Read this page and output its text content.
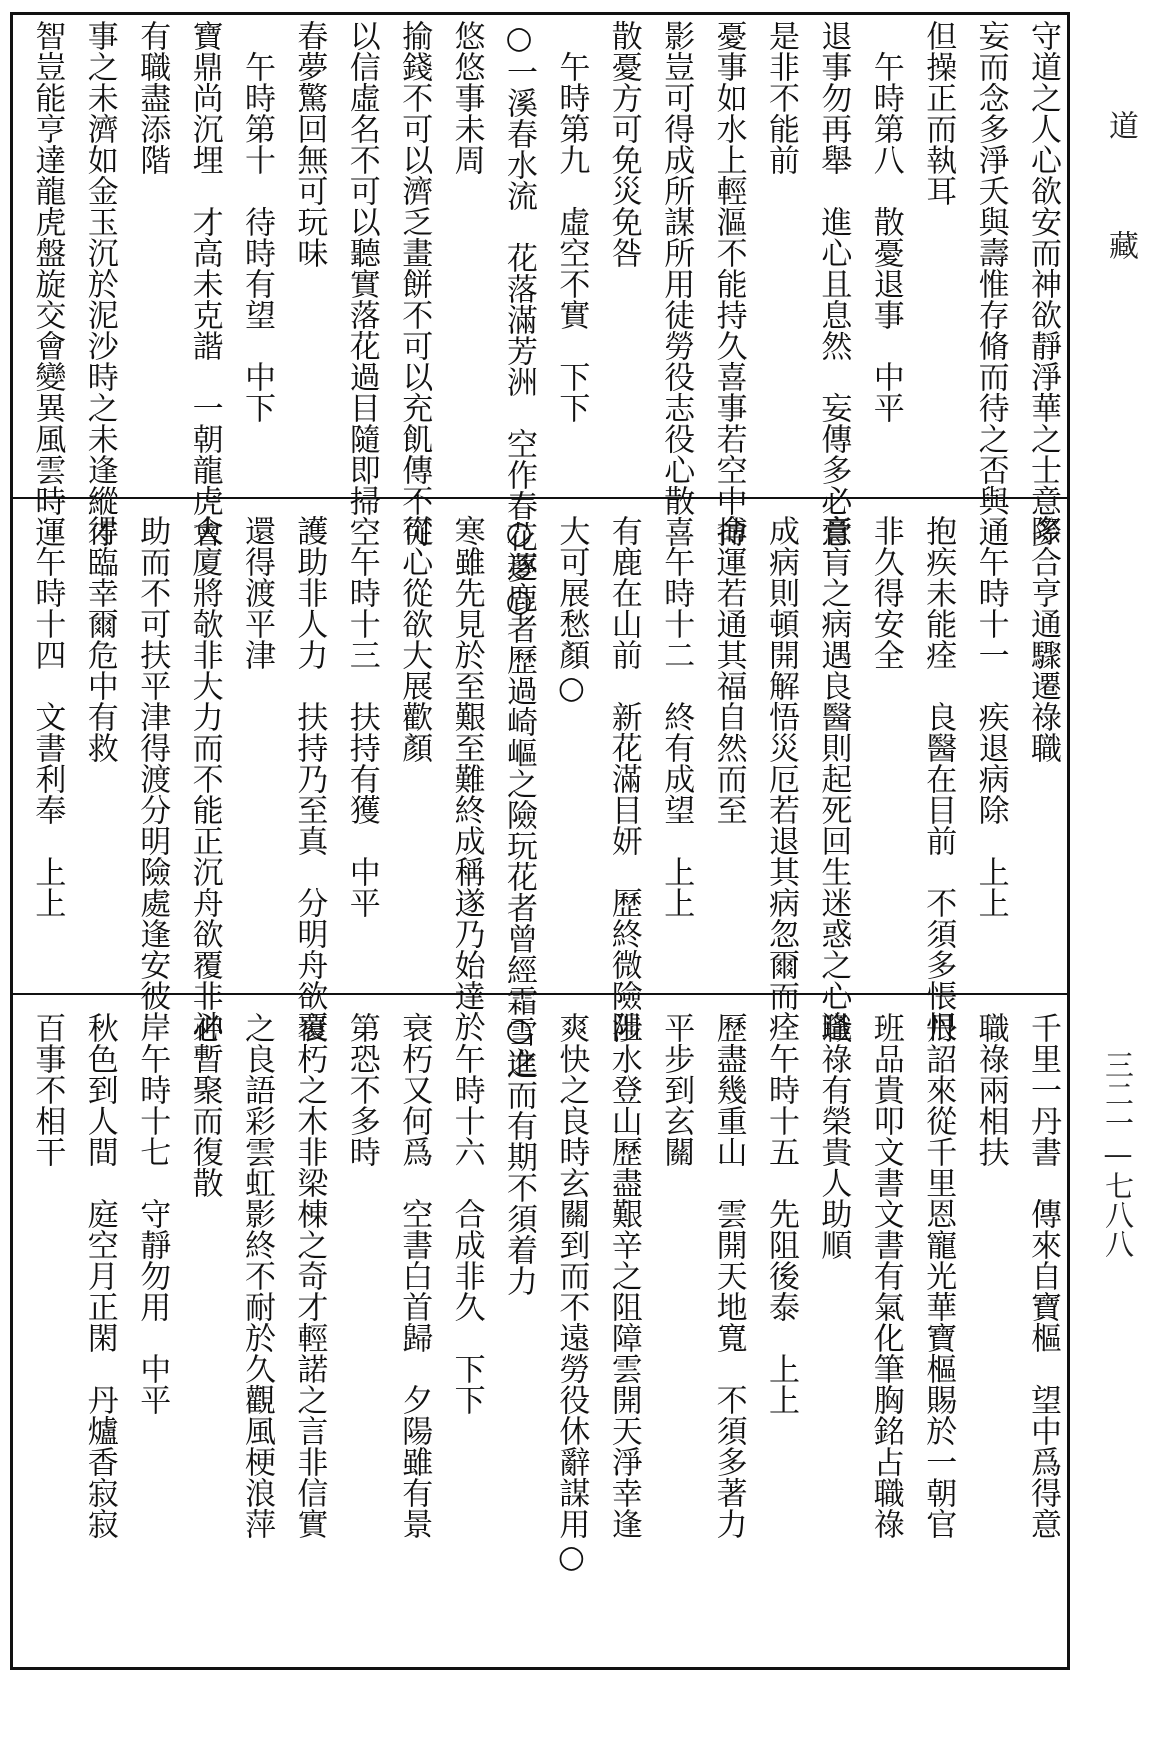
道
藏
三二一—七八八
守道之人心欲安而神欲靜淨華之士意多
妄而念多淨夭與壽惟存脩而待之否與通
但操正而執耳
　午時第八　散憂退事　中平
退事勿再舉　進心且息然　妄傳多必意
是非不能前
憂事如水上輕漚不能持久喜事若空中搏
影豈可得成所謀所用徒勞役志役心散喜
散憂方可免災免咎
　午時第九　虛空不實　下下
○一溪春水流　花落滿芳洲　空作春花夢○
悠悠事未周
揄錢不可以濟乏畫餅不可以充飢傳不可
以信虛名不可以聽實落花過目隨即掃空
春夢驚回無可玩味
　午時第十　待時有望　中下
寶鼎尚沉埋　才高未克諧　一朝龍虎會
有職盡添階
事之未濟如金玉沉於泥沙時之未逢縱才
智豈能亨達龍虎盤旋交會變異風雲時運
際合亨通驟遷祿職
　午時十一　疾退病除　上上
抱疾未能痊　良醫在目前　不須多悵恨
非久得安全
膏肓之病遇良醫則起死回生迷惑之心逢
成病則頓開解悟災厄若退其病忽爾而痊
命運若通其福自然而至
　午時十二　終有成望　上上
有鹿在山前　新花滿目妍　歷終微險阻
大可展愁顏○
○逐鹿者歷過崎嶇之險玩花者曾經霜雪之
寒雖先見於至艱至難終成稱遂乃始達於
從心從欲大展歡顏
　午時十三　扶持有獲　中平
護助非人力　扶持乃至真　分明舟欲覆
還得渡平津
大廈將欹非大力而不能正沉舟欲覆非神
助而不可扶平津得渡分明險處逢安彼岸
得臨幸爾危中有救
　午時十四　文書利奉　上上
千里一丹書　傳來自寶樞　望中爲得意
職祿兩相扶
丹詔來從千里恩寵光華寶樞賜於一朝官
班品貴叩文書文書有氣化筆胸銘占職祿
職祿有榮貴人助順
　午時十五　先阻後泰　上上
歷盡幾重山　雲開天地寬　不須多著力
平步到玄關
涉水登山歷盡艱辛之阻障雲開天淨幸逢
爽快之良時玄關到而不遠勞役休辭謀用○
○進而有期不須着力
　午時十六　合成非久　下下
衰朽又何爲　空書白首歸　夕陽雖有景
第恐不多時
衰朽之木非梁棟之奇才輕諾之言非信實
之良語彩雲虹影終不耐於久觀風梗浪萍
必暫聚而復散
　午時十七　守靜勿用　中平
秋色到人間　庭空月正閑　丹爐香寂寂
百事不相干
